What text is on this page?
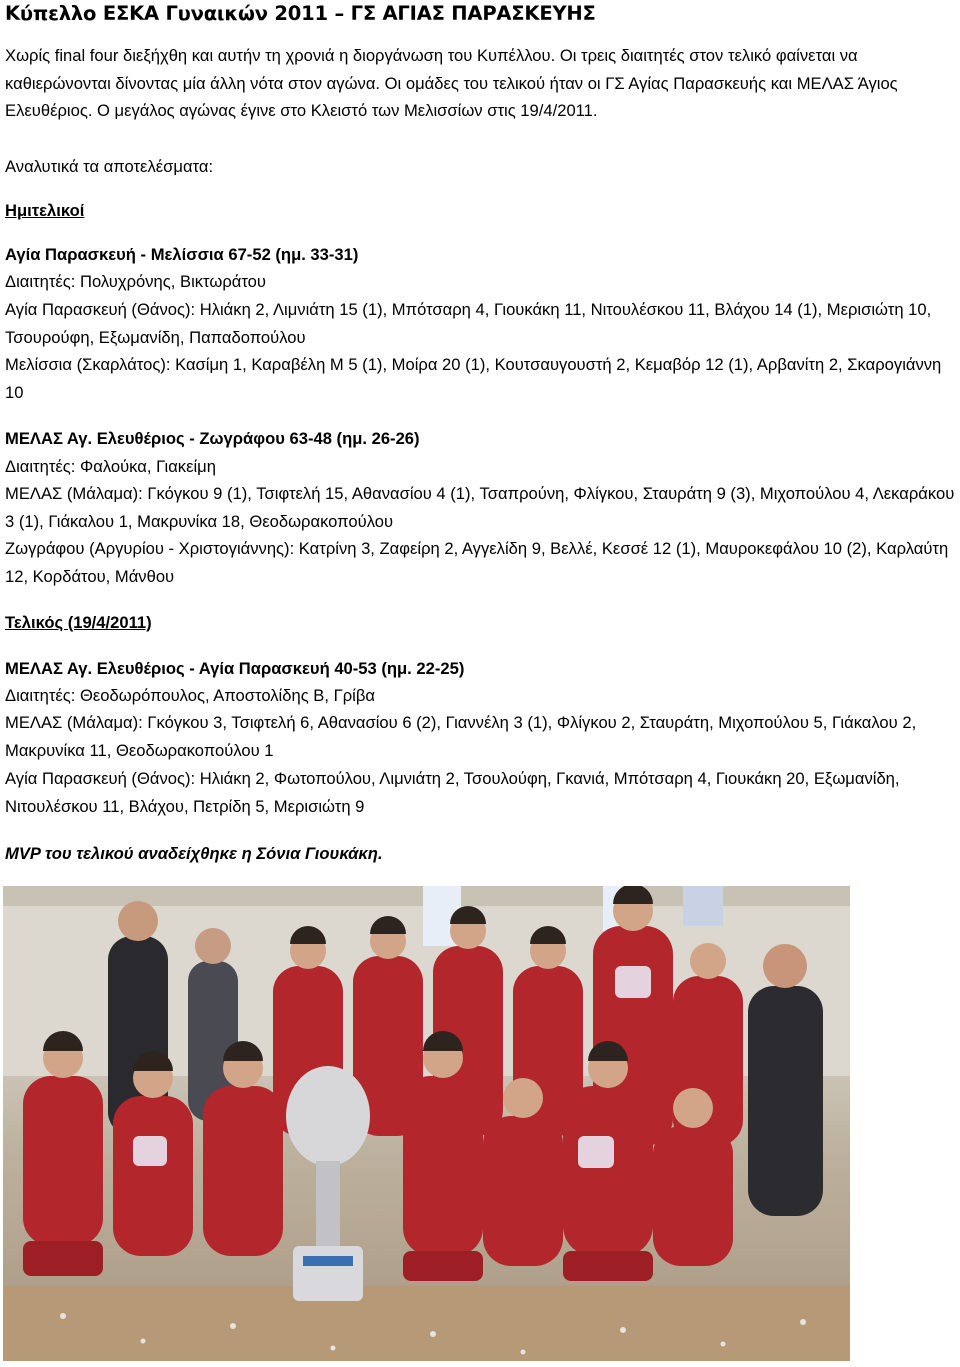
Κύπελλο ΕΣΚΑ Γυναικών 2011 – ΓΣ ΑΓΙΑΣ ΠΑΡΑΣΚΕΥΗΣ
Χωρίς final four διεξήχθη και αυτήν τη χρονιά η διοργάνωση του Κυπέλλου. Οι τρεις διαιτητές στον τελικό φαίνεται να καθιερώνονται δίνοντας μία άλλη νότα στον αγώνα. Οι ομάδες του τελικού ήταν οι ΓΣ Αγίας Παρασκευής και ΜΕΛΑΣ Άγιος Ελευθέριος. Ο μεγάλος αγώνας έγινε στο Κλειστό των Μελισσίων στις 19/4/2011.
Αναλυτικά τα αποτελέσματα:
Ημιτελικοί
Αγία Παρασκευή - Μελίσσια 67-52 (ημ. 33-31)
Διαιτητές: Πολυχρόνης, Βικτωράτου
Αγία Παρασκευή (Θάνος): Ηλιάκη 2, Λιμνιάτη 15 (1), Μπότσαρη 4, Γιουκάκη 11, Νιτουλέσκου 11, Βλάχου 14 (1), Μερισιώτη 10, Τσουρούφη, Εξωμανίδη, Παπαδοπούλου
Μελίσσια (Σκαρλάτος): Κασίμη 1, Καραβέλη Μ 5 (1), Μοίρα 20 (1), Κουτσαυγουστή 2, Κεμαβόρ 12 (1), Αρβανίτη 2, Σκαρογιάννη 10
ΜΕΛΑΣ Αγ. Ελευθέριος - Ζωγράφου 63-48 (ημ. 26-26)
Διαιτητές: Φαλούκα, Γιακείμη
ΜΕΛΑΣ (Μάλαμα): Γκόγκου 9 (1), Τσιφτελή 15, Αθανασίου 4 (1), Τσαπρούνη, Φλίγκου, Σταυράτη 9 (3), Μιχοπούλου 4, Λεκαράκου 3 (1), Γιάκαλου 1, Μακρυνίκα 18, Θεοδωρακοπούλου
Ζωγράφου (Αργυρίου - Χριστογιάννης): Κατρίνη 3, Ζαφείρη 2, Αγγελίδη 9, Βελλέ, Κεσσέ 12 (1), Μαυροκεφάλου 10 (2), Καρλαύτη 12, Κορδάτου, Μάνθου
Τελικός (19/4/2011)
ΜΕΛΑΣ Αγ. Ελευθέριος - Αγία Παρασκευή 40-53 (ημ. 22-25)
Διαιτητές: Θεοδωρόπουλος, Αποστολίδης Β, Γρίβα
ΜΕΛΑΣ (Μάλαμα): Γκόγκου 3, Τσιφτελή 6, Αθανασίου 6 (2), Γιαννέλη 3 (1), Φλίγκου 2, Σταυράτη, Μιχοπούλου 5, Γιάκαλου 2, Μακρυνίκα 11, Θεοδωρακοπούλου 1
Αγία Παρασκευή (Θάνος): Ηλιάκη 2, Φωτοπούλου, Λιμνιάτη 2, Τσουλούφη, Γκανιά, Μπότσαρη 4, Γιουκάκη 20, Εξωμανίδη, Νιτουλέσκου 11, Βλάχου, Πετρίδη 5, Μερισιώτη 9
MVP του τελικού αναδείχθηκε η Σόνια Γιουκάκη.
